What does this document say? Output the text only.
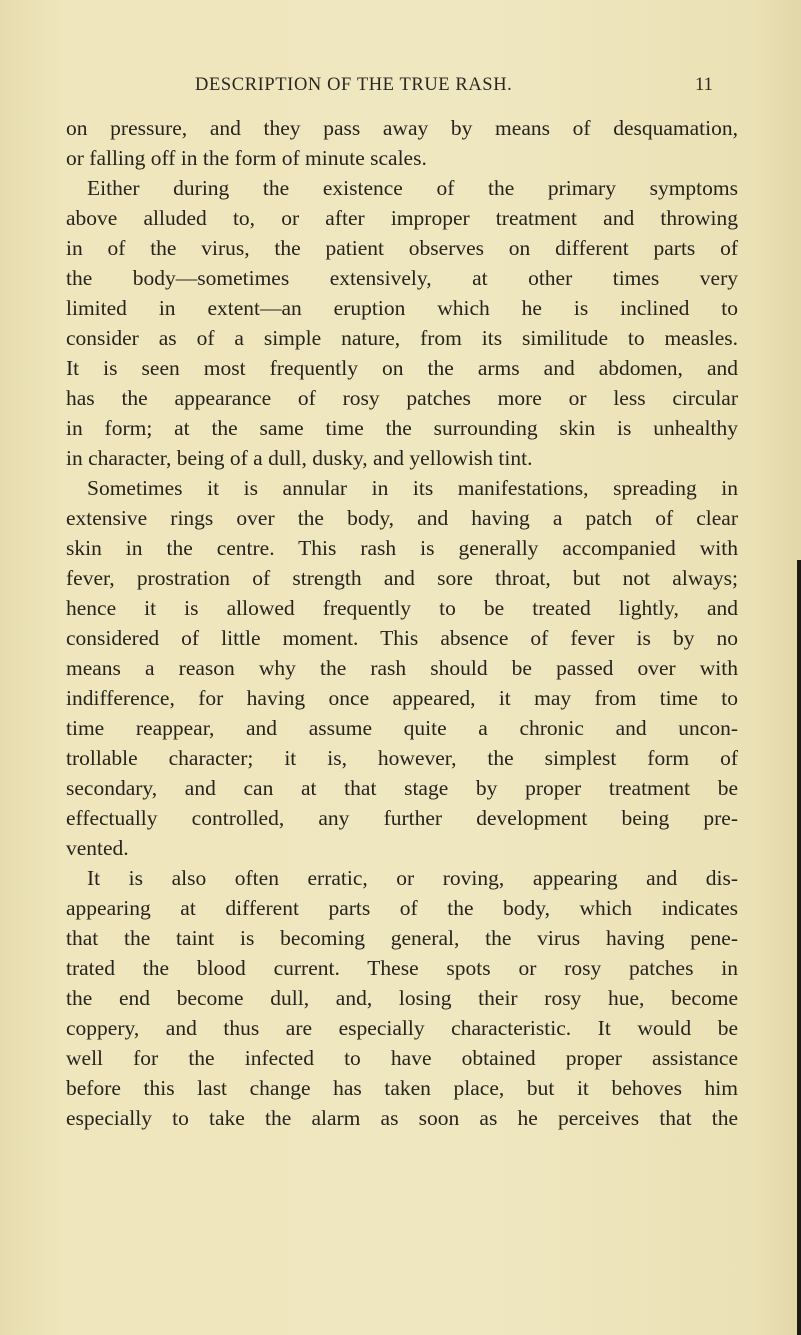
DESCRIPTION OF THE TRUE RASH.	11
on pressure, and they pass away by means of desquamation,
or falling off in the form of minute scales.
Either during the existence of the primary symptoms
above alluded to, or after improper treatment and throwing
in of the virus, the patient observes on different parts of
the body—sometimes extensively, at other times very
limited in extent—an eruption which he is inclined to
consider as of a simple nature, from its similitude to measles.
It is seen most frequently on the arms and abdomen, and
has the appearance of rosy patches more or less circular
in form; at the same time the surrounding skin is unhealthy
in character, being of a dull, dusky, and yellowish tint.
Sometimes it is annular in its manifestations, spreading in
extensive rings over the body, and having a patch of clear
skin in the centre. This rash is generally accompanied with
fever, prostration of strength and sore throat, but not always;
hence it is allowed frequently to be treated lightly, and
considered of little moment. This absence of fever is by no
means a reason why the rash should be passed over with
indifference, for having once appeared, it may from time to
time reappear, and assume quite a chronic and uncon-
trollable character; it is, however, the simplest form of
secondary, and can at that stage by proper treatment be
effectually controlled, any further development being pre-
vented.
It is also often erratic, or roving, appearing and dis-
appearing at different parts of the body, which indicates
that the taint is becoming general, the virus having pene-
trated the blood current. These spots or rosy patches in
the end become dull, and, losing their rosy hue, become
coppery, and thus are especially characteristic. It would be
well for the infected to have obtained proper assistance
before this last change has taken place, but it behoves him
especially to take the alarm as soon as he perceives that the
